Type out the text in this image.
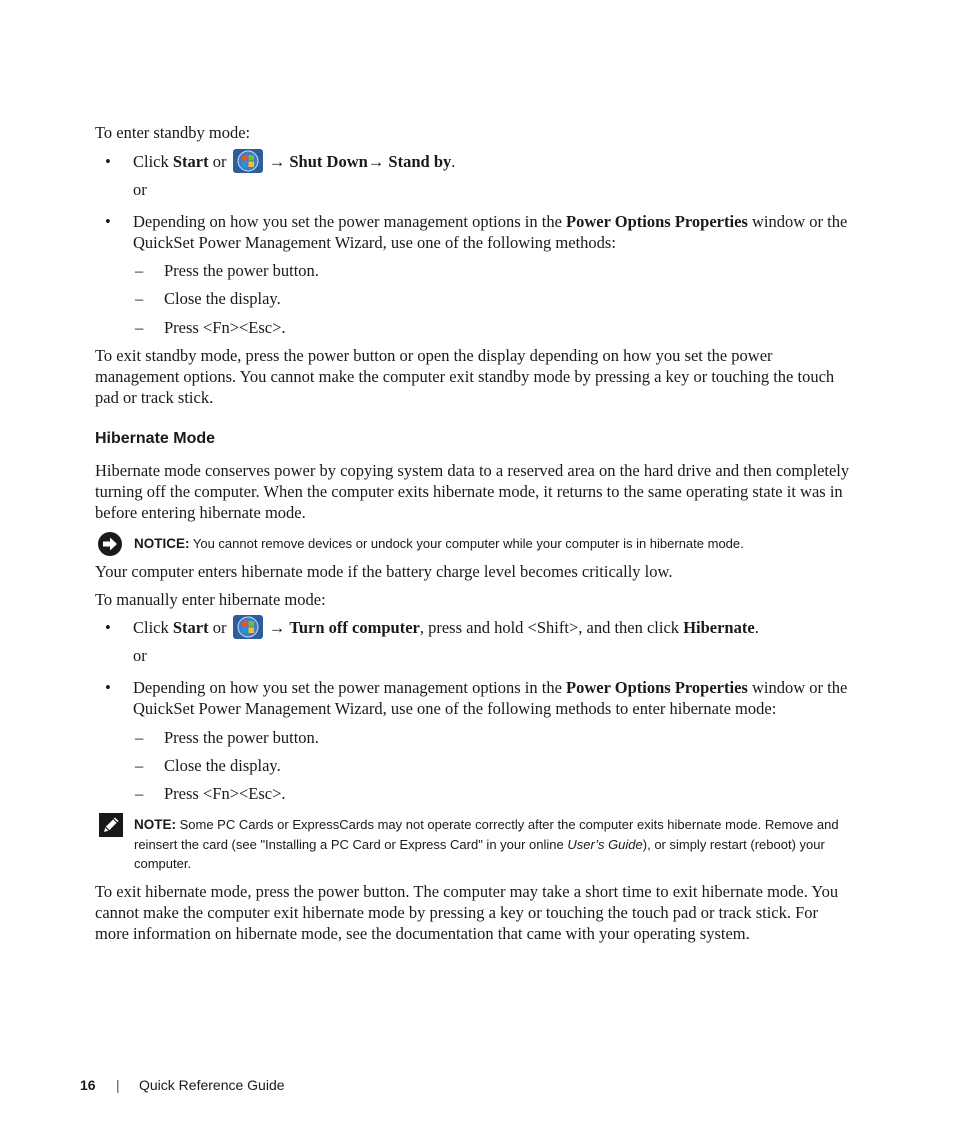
To enter standby mode:

• Click Start or  → Shut Down→ Stand by.

or
• Depending on how you set the power management options in the Power Options Properties window or the QuickSet Power Management Wizard, use one of the following methods:

– Press the power button.
– Close the display.
– Press <Fn><Esc>.

To exit standby mode, press the power button or open the display depending on how you set the power management options. You cannot make the computer exit standby mode by pressing a key or touching the touch pad or track stick.

Hibernate Mode

Hibernate mode conserves power by copying system data to a reserved area on the hard drive and then completely turning off the computer. When the computer exits hibernate mode, it returns to the same operating state it was in before entering hibernate mode.

NOTICE: You cannot remove devices or undock your computer while your computer is in hibernate mode.

Your computer enters hibernate mode if the battery charge level becomes critically low.

To manually enter hibernate mode:

• Click Start or  → Turn off computer, press and hold <Shift>, and then click Hibernate.

or
• Depending on how you set the power management options in the Power Options Properties window or the QuickSet Power Management Wizard, use one of the following methods to enter hibernate mode:

– Press the power button.
– Close the display.
– Press <Fn><Esc>.

NOTE: Some PC Cards or ExpressCards may not operate correctly after the computer exits hibernate mode. Remove and reinsert the card (see "Installing a PC Card or Express Card" in your online User’s Guide), or simply restart (reboot) your computer.

To exit hibernate mode, press the power button. The computer may take a short time to exit hibernate mode. You cannot make the computer exit hibernate mode by pressing a key or touching the touch pad or track stick. For more information on hibernate mode, see the documentation that came with your operating system.

16 | Quick Reference Guide
